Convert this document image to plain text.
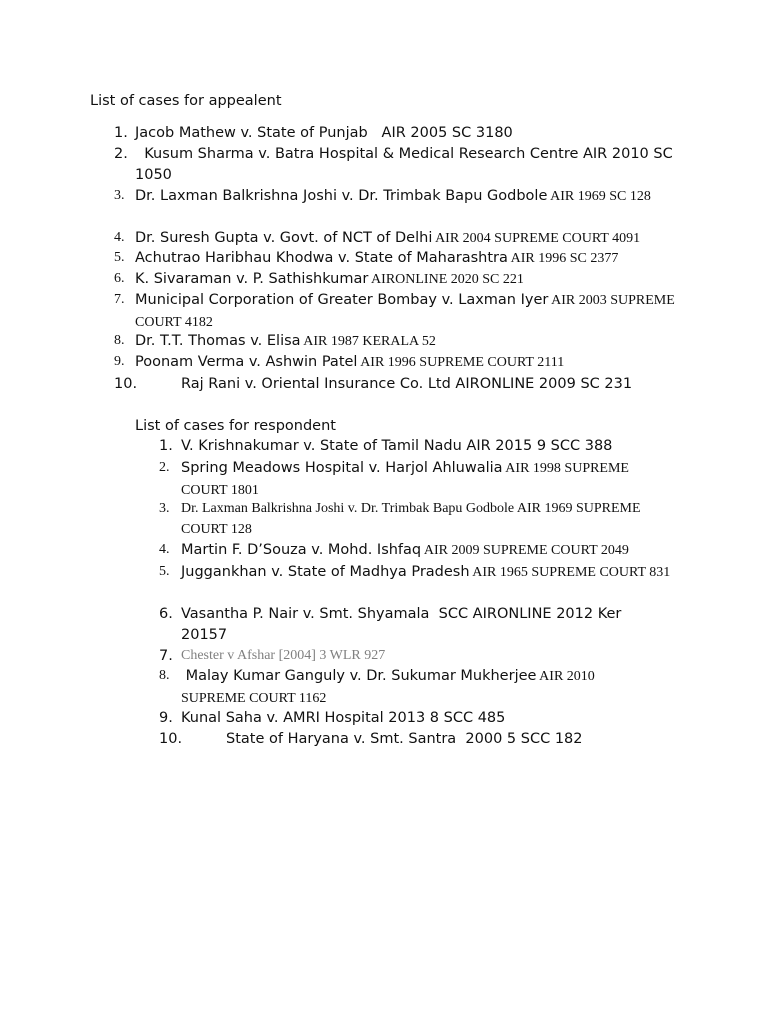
List of cases for appealent
1. Jacob Mathew v. State of Punjab   AIR 2005 SC 3180
2. Kusum Sharma v. Batra Hospital & Medical Research Centre AIR 2010 SC 1050
3. Dr. Laxman Balkrishna Joshi v. Dr. Trimbak Bapu Godbole AIR 1969 SC 128
4. Dr. Suresh Gupta v. Govt. of NCT of Delhi AIR 2004 SUPREME COURT 4091
5. Achutrao Haribhau Khodwa v. State of Maharashtra AIR 1996 SC 2377
6. K. Sivaraman v. P. Sathishkumar AIRONLINE 2020 SC 221
7. Municipal Corporation of Greater Bombay v. Laxman Iyer AIR 2003 SUPREME COURT 4182
8. Dr. T.T. Thomas v. Elisa AIR 1987 KERALA 52
9. Poonam Verma v. Ashwin Patel AIR 1996 SUPREME COURT 2111
10.	Raj Rani v. Oriental Insurance Co. Ltd AIRONLINE 2009 SC 231
List of cases for respondent
1. V. Krishnakumar v. State of Tamil Nadu AIR 2015 9 SCC 388
2. Spring Meadows Hospital v. Harjol Ahluwalia AIR 1998 SUPREME COURT 1801
3. Dr. Laxman Balkrishna Joshi v. Dr. Trimbak Bapu Godbole AIR 1969 SUPREME COURT 128
4. Martin F. D’Souza v. Mohd. Ishfaq AIR 2009 SUPREME COURT 2049
5. Juggankhan v. State of Madhya Pradesh AIR 1965 SUPREME COURT 831
6. Vasantha P. Nair v. Smt. Shyamala  SCC AIRONLINE 2012 Ker 20157
7. Chester v Afshar [2004] 3 WLR 927
8. Malay Kumar Ganguly v. Dr. Sukumar Mukherjee AIR 2010 SUPREME COURT 1162
9. Kunal Saha v. AMRI Hospital 2013 8 SCC 485
10.	State of Haryana v. Smt. Santra  2000 5 SCC 182
